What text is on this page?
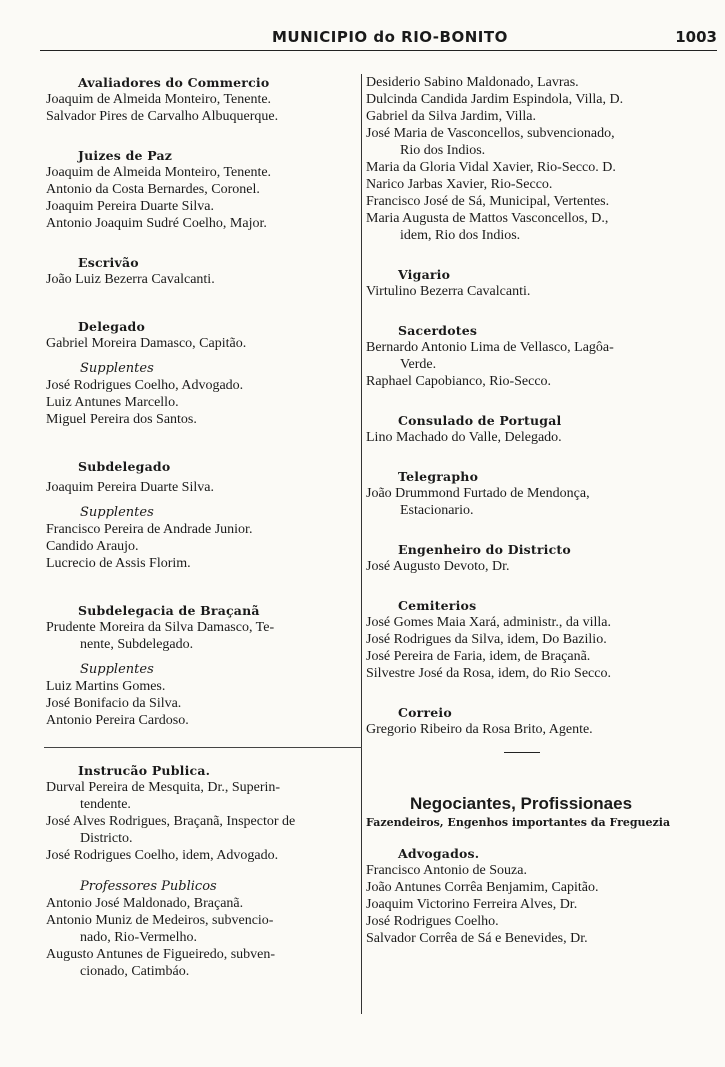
MUNICIPIO do RIO-BONITO	1003
Avaliadores do Commercio
Joaquim de Almeida Monteiro, Tenente.
Salvador Pires de Carvalho Albuquerque.
Juizes de Paz
Joaquim de Almeida Monteiro, Tenente.
Antonio da Costa Bernardes, Coronel.
Joaquim Pereira Duarte Silva.
Antonio Joaquim Sudré Coelho, Major.
Escrivão
João Luiz Bezerra Cavalcanti.
Delegado
Gabriel Moreira Damasco, Capitão.
Supplentes
José Rodrigues Coelho, Advogado.
Luiz Antunes Marcello.
Miguel Pereira dos Santos.
Subdelegado
Joaquim Pereira Duarte Silva.
Supplentes
Francisco Pereira de Andrade Junior.
Candido Araujo.
Lucrecio de Assis Florim.
Subdelegacia de Braçanã
Prudente Moreira da Silva Damasco, Te-
nente, Subdelegado.
Supplentes
Luiz Martins Gomes.
José Bonifacio da Silva.
Antonio Pereira Cardoso.
Instrucão Publica.
Durval Pereira de Mesquita, Dr., Superin-
tendente.
José Alves Rodrigues, Braçanã, Inspector de
Districto.
José Rodrigues Coelho, idem, Advogado.
Professores Publicos
Antonio José Maldonado, Braçanã.
Antonio Muniz de Medeiros, subvencio-
nado, Rio-Vermelho.
Augusto Antunes de Figueiredo, subven-
cionado, Catimbáo.
Desiderio Sabino Maldonado, Lavras.
Dulcinda Candida Jardim Espindola, Villa, D.
Gabriel da Silva Jardim, Villa.
José Maria de Vasconcellos, subvencionado,
Rio dos Indios.
Maria da Gloria Vidal Xavier, Rio-Secco. D.
Narico Jarbas Xavier, Rio-Secco.
Francisco José de Sá, Municipal, Vertentes.
Maria Augusta de Mattos Vasconcellos, D.,
idem, Rio dos Indios.
Vigario
Virtulino Bezerra Cavalcanti.
Sacerdotes
Bernardo Antonio Lima de Vellasco, Lagôa-
Verde.
Raphael Capobianco, Rio-Secco.
Consulado de Portugal
Lino Machado do Valle, Delegado.
Telegrapho
João Drummond Furtado de Mendonça,
Estacionario.
Engenheiro do Districto
José Augusto Devoto, Dr.
Cemiterios
José Gomes Maia Xará, administr., da villa.
José Rodrigues da Silva, idem, Do Bazilio.
José Pereira de Faria, idem, de Braçanã.
Silvestre José da Rosa, idem, do Rio Secco.
Correio
Gregorio Ribeiro da Rosa Brito, Agente.
Negociantes, Profissionaes
Fazendeiros, Engenhos importantes da Freguezia
Advogados.
Francisco Antonio de Souza.
João Antunes Corrêa Benjamim, Capitão.
Joaquim Victorino Ferreira Alves, Dr.
José Rodrigues Coelho.
Salvador Corrêa de Sá e Benevides, Dr.
